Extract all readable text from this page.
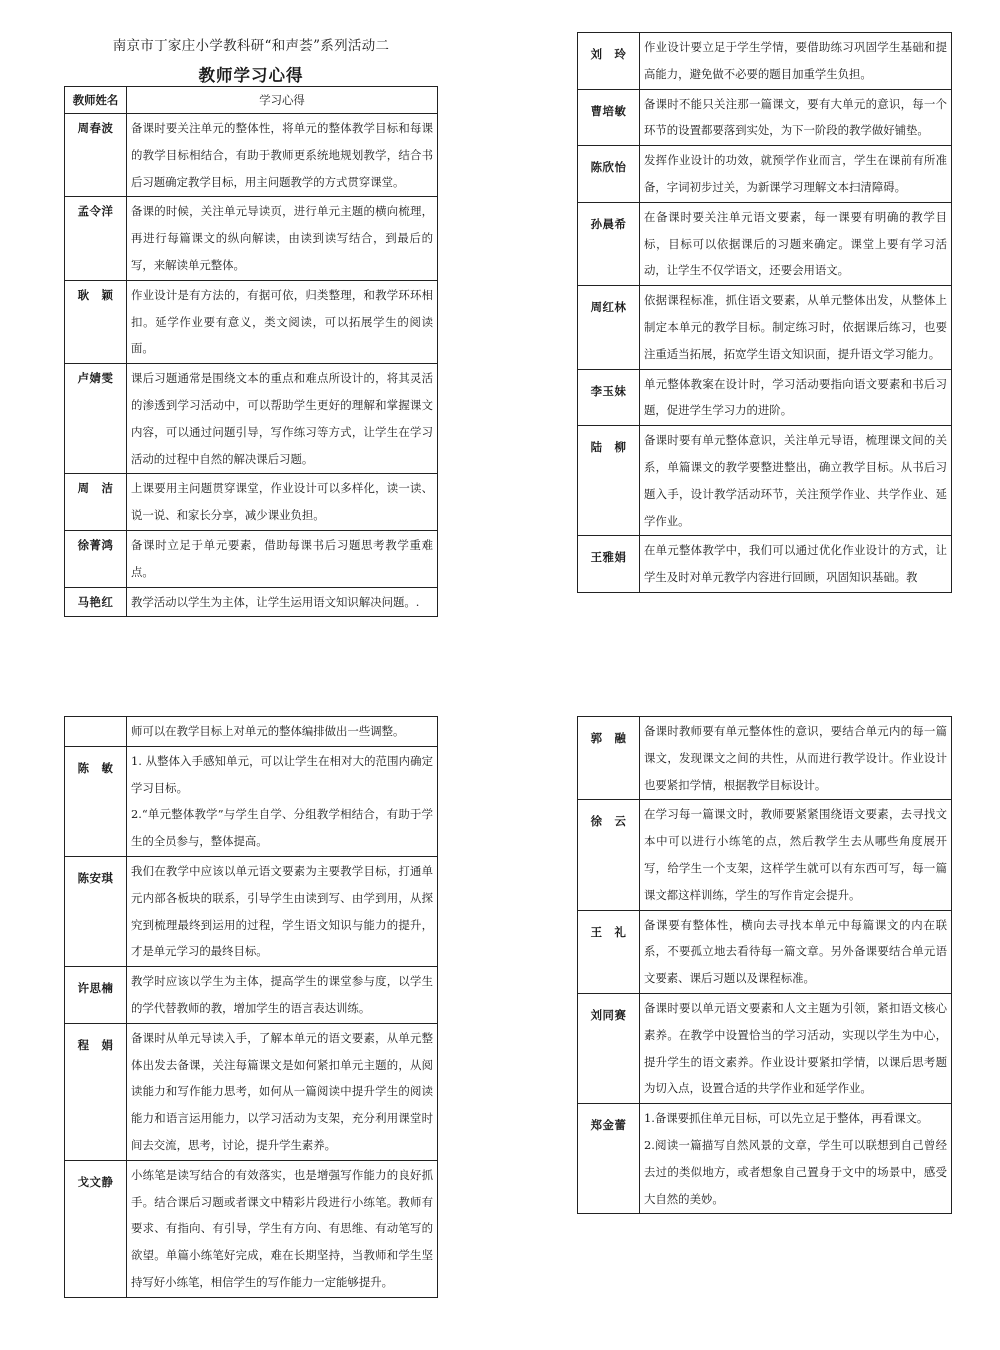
南京市丁家庄小学教科研“和声荟”系列活动二
教师学习心得
教师姓名	学习心得
周春波	备课时要关注单元的整体性，将单元的整体教学目标和每课的教学目标相结合，有助于教师更系统地规划教学，结合书后习题确定教学目标，用主问题教学的方式贯穿课堂。
孟令洋	备课的时候，关注单元导读页，进行单元主题的横向梳理，再进行每篇课文的纵向解读，由读到读写结合，到最后的写，来解读单元整体。
耿　颖	作业设计是有方法的，有据可依，归类整理，和教学环环相扣。延学作业要有意义，类文阅读，可以拓展学生的阅读面。
卢婧雯	课后习题通常是围绕文本的重点和难点所设计的，将其灵活的渗透到学习活动中，可以帮助学生更好的理解和掌握课文内容，可以通过问题引导，写作练习等方式，让学生在学习活动的过程中自然的解决课后习题。
周　洁	上课要用主问题贯穿课堂，作业设计可以多样化，读一读、说一说、和家长分享，减少课业负担。
徐菁鸿	备课时立足于单元要素，借助每课书后习题思考教学重难点。
马艳红	教学活动以学生为主体，让学生运用语文知识解决问题。.
刘　玲	作业设计要立足于学生学情，要借助练习巩固学生基础和提高能力，避免做不必要的题目加重学生负担。
曹培敏	备课时不能只关注那一篇课文，要有大单元的意识，每一个环节的设置都要落到实处，为下一阶段的教学做好铺垫。
陈欣怡	发挥作业设计的功效，就预学作业而言，学生在课前有所准备，字词初步过关，为新课学习理解文本扫清障碍。
孙晨希	在备课时要关注单元语文要素，每一课要有明确的教学目标，目标可以依据课后的习题来确定。课堂上要有学习活动，让学生不仅学语文，还要会用语文。
周红林	依据课程标准，抓住语文要素，从单元整体出发，从整体上制定本单元的教学目标。制定练习时，依据课后练习，也要注重适当拓展，拓宽学生语文知识面，提升语文学习能力。
李玉妹	单元整体教案在设计时，学习活动要指向语文要素和书后习题，促进学生学习力的进阶。
陆　柳	备课时要有单元整体意识，关注单元导语，梳理课文间的关系，单篇课文的教学要整进整出，确立教学目标。从书后习题入手，设计教学活动环节，关注预学作业、共学作业、延学作业。
王雅娟	在单元整体教学中，我们可以通过优化作业设计的方式，让学生及时对单元教学内容进行回顾，巩固知识基础。教
	师可以在教学目标上对单元的整体编排做出一些调整。
陈　敏	1. 从整体入手感知单元，可以让学生在相对大的范围内确定学习目标。
2.“单元整体教学”与学生自学、分组教学相结合，有助于学生的全员参与，整体提高。

陈安琪	我们在教学中应该以单元语文要素为主要教学目标，打通单元内部各板块的联系，引导学生由读到写、由学到用，从探究到梳理最终到运用的过程，学生语文知识与能力的提升，才是单元学习的最终目标。
许思楠	教学时应该以学生为主体，提高学生的课堂参与度，以学生的学代替教师的教，增加学生的语言表达训练。
程　娟	备课时从单元导读入手，了解本单元的语文要素，从单元整体出发去备课，关注每篇课文是如何紧扣单元主题的，从阅读能力和写作能力思考，如何从一篇阅读中提升学生的阅读能力和语言运用能力，以学习活动为支架，充分利用课堂时间去交流，思考，讨论，提升学生素养。
戈文静	小练笔是读写结合的有效落实，也是增强写作能力的良好抓手。结合课后习题或者课文中精彩片段进行小练笔。教师有要求、有指向、有引导，学生有方向、有思维、有动笔写的欲望。单篇小练笔好完成，难在长期坚持，当教师和学生坚持写好小练笔，相信学生的写作能力一定能够提升。
郭　融	备课时教师要有单元整体性的意识，要结合单元内的每一篇课文，发现课文之间的共性，从而进行教学设计。作业设计也要紧扣学情，根据教学目标设计。
徐　云	在学习每一篇课文时，教师要紧紧围绕语文要素，去寻找文本中可以进行小练笔的点，然后教学生去从哪些角度展开写，给学生一个支架，这样学生就可以有东西可写，每一篇课文都这样训练，学生的写作肯定会提升。
王　礼	备课要有整体性，横向去寻找本单元中每篇课文的内在联系，不要孤立地去看待每一篇文章。另外备课要结合单元语文要素、课后习题以及课程标准。
刘同赛	备课时要以单元语文要素和人文主题为引领，紧扣语文核心素养。在教学中设置恰当的学习活动，实现以学生为中心，提升学生的语文素养。作业设计要紧扣学情，以课后思考题为切入点，设置合适的共学作业和延学作业。
郑金蕾	1.备课要抓住单元目标，可以先立足于整体，再看课文。
2.阅读一篇描写自然风景的文章，学生可以联想到自己曾经去过的类似地方，或者想象自己置身于文中的场景中，感受大自然的美妙。
